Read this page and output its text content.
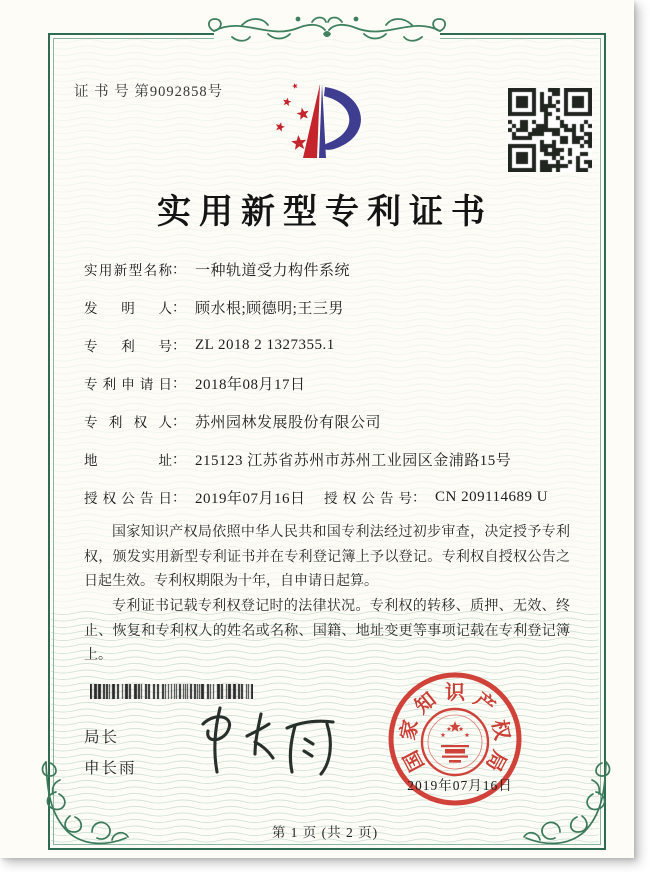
证 书 号 第9092858号
实用新型专利证书
实用新型名称 ： 一种轨道受力构件系统
发明人 ： 顾水根;顾德明;王三男
专利号 ： ZL 2018 2 1327355.1
专利申请日 ： 2018年08月17日
专利权人 ： 苏州园林发展股份有限公司
地址 ： 215123 江苏省苏州市苏州工业园区金浦路15号
授权公告日 ： 2019年07月16日 授权公告号 ： CN 209114689 U

国家知识产权局依照中华人民共和国专利法经过初步审查，决定授予专利权，颁发实用新型专利证书并在专利登记簿上予以登记。专利权自授权公告之日起生效。专利权期限为十年，自申请日起算。

专利证书记载专利权登记时的法律状况。专利权的转移、质押、无效、终止、恢复和专利权人的姓名或名称、国籍、地址变更等事项记载在专利登记簿上。

局长
申长雨	国
家
知 识 产
权
局
2019年07月16日
第 1 页 (共 2 页)
